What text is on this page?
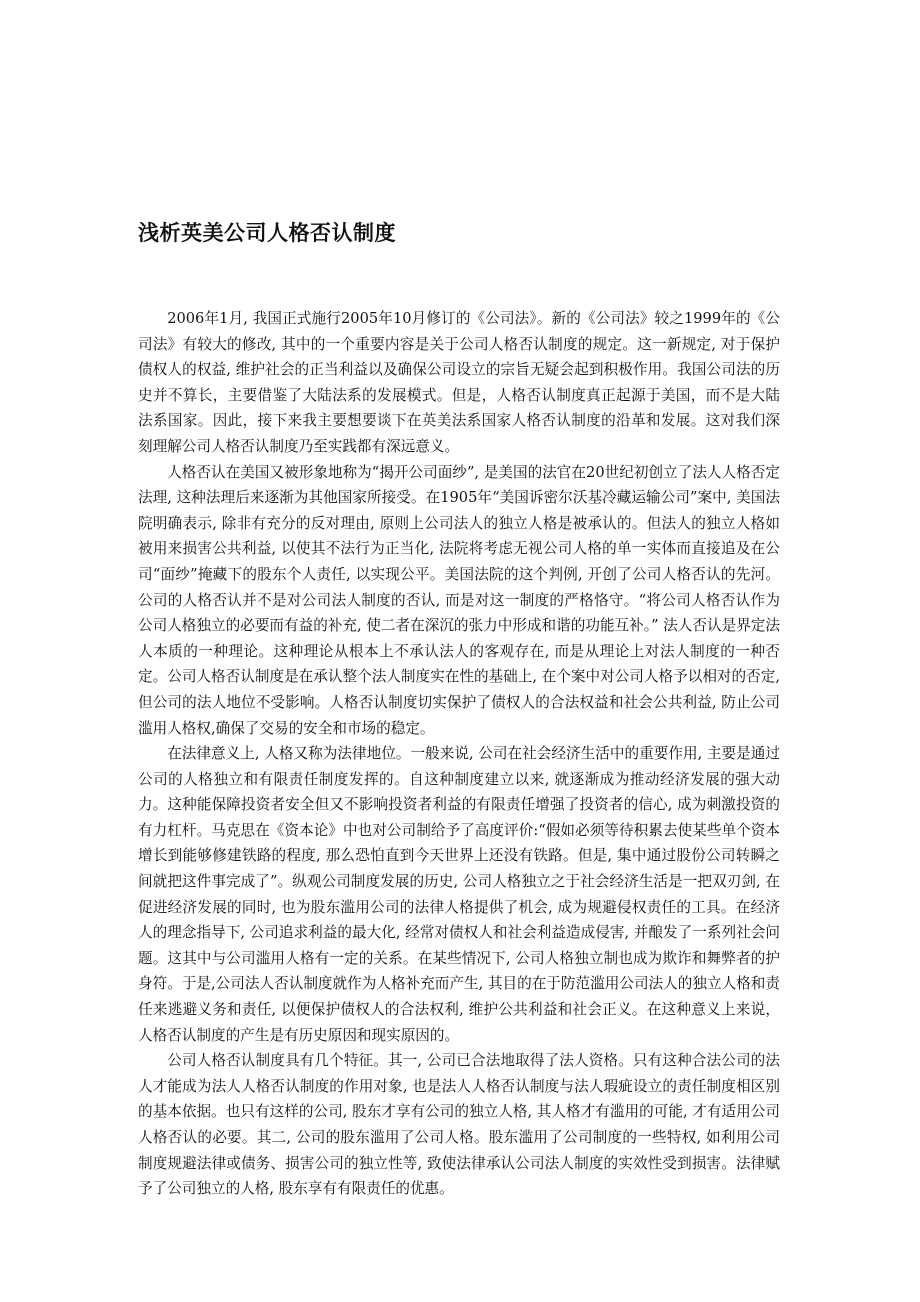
浅析英美公司人格否认制度

2006年1月, 我国正式施行2005年10月修订的《公司法》。新的《公司法》较之1999年的《公司法》有较大的修改, 其中的一个重要内容是关于公司人格否认制度的规定。这一新规定, 对于保护债权人的权益, 维护社会的正当利益以及确保公司设立的宗旨无疑会起到积极作用。我国公司法的历史并不算长，主要借鉴了大陆法系的发展模式。但是，人格否认制度真正起源于美国，而不是大陆法系国家。因此，接下来我主要想要谈下在英美法系国家人格否认制度的沿革和发展。这对我们深刻理解公司人格否认制度乃至实践都有深远意义。

人格否认在美国又被形象地称为“揭开公司面纱”, 是美国的法官在20世纪初创立了法人人格否定法理, 这种法理后来逐渐为其他国家所接受。在1905年“美国诉密尔沃基冷藏运输公司”案中, 美国法院明确表示, 除非有充分的反对理由, 原则上公司法人的独立人格是被承认的。但法人的独立人格如被用来损害公共利益, 以使其不法行为正当化, 法院将考虑无视公司人格的单一实体而直接追及在公司“面纱”掩藏下的股东个人责任, 以实现公平。美国法院的这个判例, 开创了公司人格否认的先河。公司的人格否认并不是对公司法人制度的否认, 而是对这一制度的严格恪守。“将公司人格否认作为公司人格独立的必要而有益的补充, 使二者在深沉的张力中形成和谐的功能互补。” 法人否认是界定法人本质的一种理论。这种理论从根本上不承认法人的客观存在, 而是从理论上对法人制度的一种否定。公司人格否认制度是在承认整个法人制度实在性的基础上, 在个案中对公司人格予以相对的否定, 但公司的法人地位不受影响。人格否认制度切实保护了债权人的合法权益和社会公共利益, 防止公司滥用人格权,确保了交易的安全和市场的稳定。

在法律意义上, 人格又称为法律地位。一般来说, 公司在社会经济生活中的重要作用, 主要是通过公司的人格独立和有限责任制度发挥的。自这种制度建立以来, 就逐渐成为推动经济发展的强大动力。这种能保障投资者安全但又不影响投资者利益的有限责任增强了投资者的信心, 成为刺激投资的有力杠杆。马克思在《资本论》中也对公司制给予了高度评价:“假如必须等待积累去使某些单个资本增长到能够修建铁路的程度, 那么恐怕直到今天世界上还没有铁路。但是, 集中通过股份公司转瞬之间就把这件事完成了”。纵观公司制度发展的历史, 公司人格独立之于社会经济生活是一把双刃剑, 在促进经济发展的同时, 也为股东滥用公司的法律人格提供了机会, 成为规避侵权责任的工具。在经济人的理念指导下, 公司追求利益的最大化, 经常对债权人和社会利益造成侵害, 并酿发了一系列社会问题。这其中与公司滥用人格有一定的关系。在某些情况下, 公司人格独立制也成为欺诈和舞弊者的护身符。于是,公司法人否认制度就作为人格补充而产生, 其目的在于防范滥用公司法人的独立人格和责任来逃避义务和责任, 以便保护债权人的合法权利, 维护公共利益和社会正义。在这种意义上来说，人格否认制度的产生是有历史原因和现实原因的。

公司人格否认制度具有几个特征。其一, 公司已合法地取得了法人资格。只有这种合法公司的法人才能成为法人人格否认制度的作用对象, 也是法人人格否认制度与法人瑕疵设立的责任制度相区别的基本依据。也只有这样的公司, 股东才享有公司的独立人格, 其人格才有滥用的可能, 才有适用公司人格否认的必要。其二, 公司的股东滥用了公司人格。股东滥用了公司制度的一些特权, 如利用公司制度规避法律或债务、损害公司的独立性等, 致使法律承认公司法人制度的实效性受到损害。法律赋予了公司独立的人格, 股东享有有限责任的优惠。
